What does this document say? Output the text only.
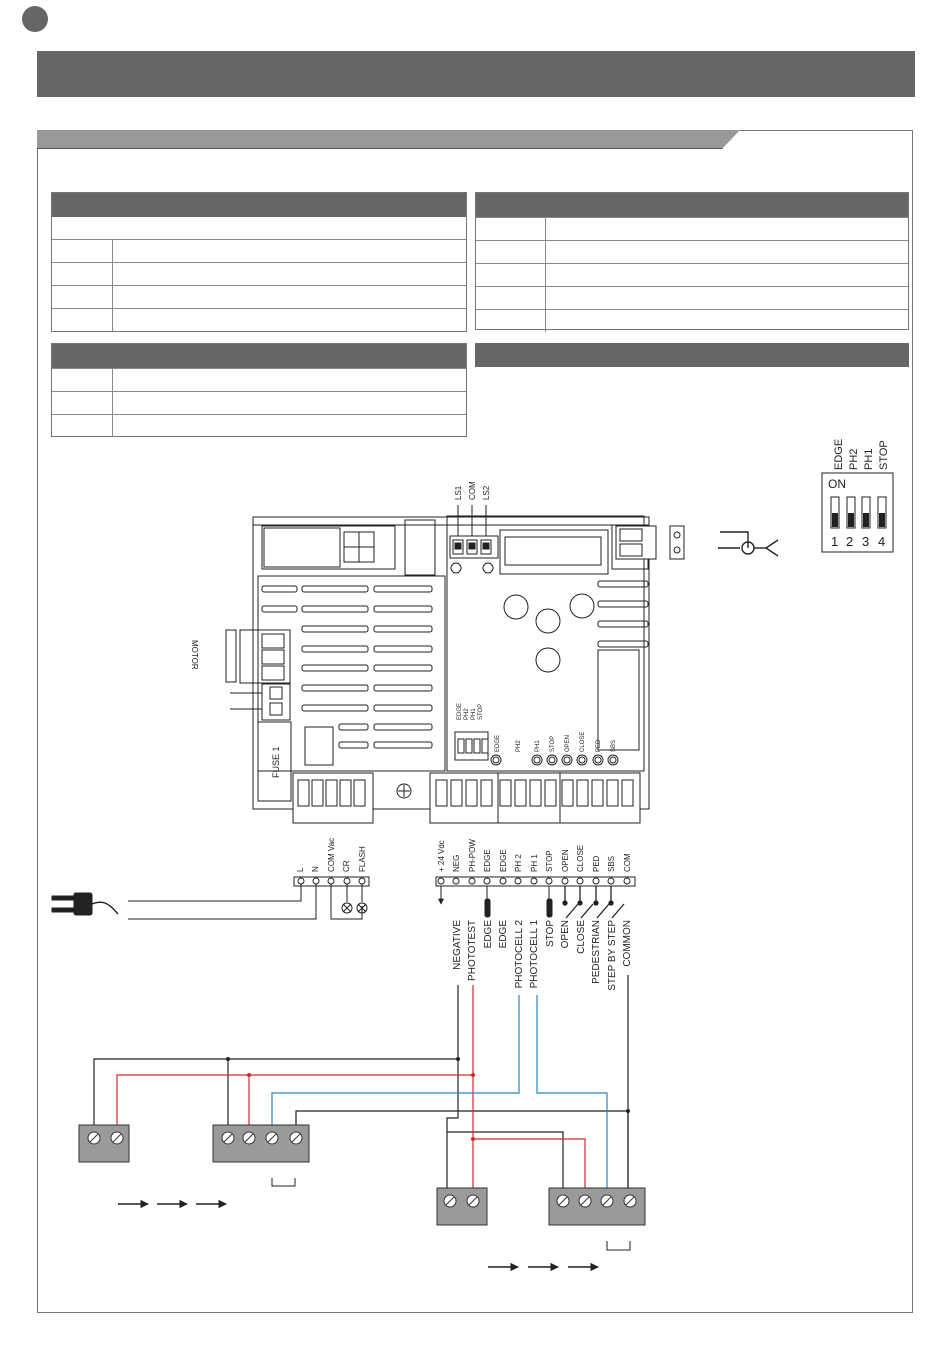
LS1 COM LS2
MOTOR
FUSE 1
EDGE PH2 PH1 STOP
EDGE	PH2 PH1 STOP OPEN CLOSE PED SBS
EDGE PH2 PH1 STOP
ON
1 2 3 4
L N COM Vac CR FLASH	+ 24 Vdc NEG PH-POW EDGE EDGE PH 2 PH 1 STOP OPEN CLOSE PED SBS COM
NEGATIVE PHOTOTEST EDGE EDGE PHOTOCELL 2 PHOTOCELL 1 STOP OPEN CLOSE PEDESTRIAN STEP BY STEP COMMON
